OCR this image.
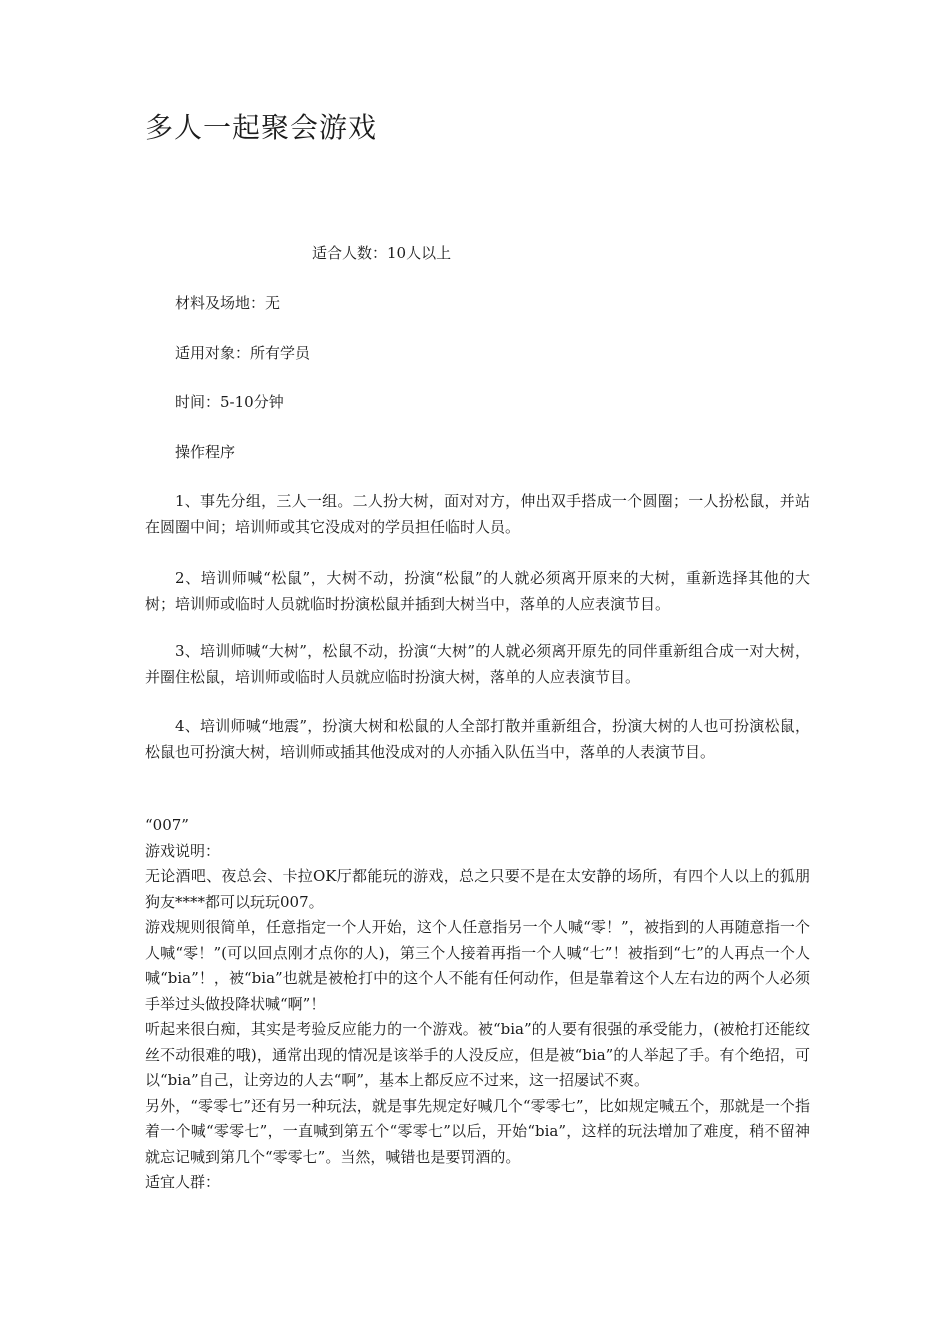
多人一起聚会游戏
适合人数：10人以上
材料及场地：无
适用对象：所有学员
时间：5-10分钟
操作程序

1、事先分组，三人一组。二人扮大树，面对对方，伸出双手搭成一个圆圈；一人扮松鼠，并站在圆圈中间；培训师或其它没成对的学员担任临时人员。

2、培训师喊“松鼠”，大树不动，扮演“松鼠”的人就必须离开原来的大树，重新选择其他的大树；培训师或临时人员就临时扮演松鼠并插到大树当中，落单的人应表演节目。

3、培训师喊“大树”，松鼠不动，扮演“大树”的人就必须离开原先的同伴重新组合成一对大树，并圈住松鼠，培训师或临时人员就应临时扮演大树，落单的人应表演节目。

4、培训师喊“地震”，扮演大树和松鼠的人全部打散并重新组合，扮演大树的人也可扮演松鼠，松鼠也可扮演大树，培训师或插其他没成对的人亦插入队伍当中，落单的人表演节目。

“007”

游戏说明：

无论酒吧、夜总会、卡拉OK厅都能玩的游戏，总之只要不是在太安静的场所，有四个人以上的狐朋狗友****都可以玩玩007。

游戏规则很简单，任意指定一个人开始，这个人任意指另一个人喊“零！”，被指到的人再随意指一个人喊“零！”(可以回点刚才点你的人)，第三个人接着再指一个人喊“七”！被指到“七”的人再点一个人喊“bia”！，被“bia”也就是被枪打中的这个人不能有任何动作，但是靠着这个人左右边的两个人必须手举过头做投降状喊“啊”！

听起来很白痴，其实是考验反应能力的一个游戏。被“bia”的人要有很强的承受能力，(被枪打还能纹丝不动很难的哦)，通常出现的情况是该举手的人没反应，但是被“bia”的人举起了手。有个绝招，可以“bia”自己，让旁边的人去“啊”，基本上都反应不过来，这一招屡试不爽。

另外，“零零七”还有另一种玩法，就是事先规定好喊几个“零零七”，比如规定喊五个，那就是一个指着一个喊“零零七”，一直喊到第五个“零零七”以后，开始“bia”，这样的玩法增加了难度，稍不留神就忘记喊到第几个“零零七”。当然，喊错也是要罚酒的。

适宜人群：
